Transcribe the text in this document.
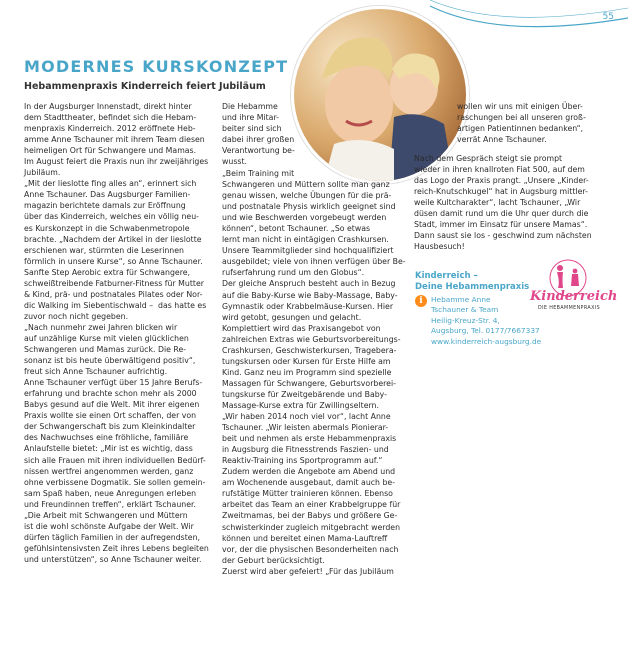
55
MODERNES KURSKONZEPT
Hebammenpraxis Kinderreich feiert Jubiläum
In der Augsburger Innenstadt, direkt hinter
dem Stadttheater, befindet sich die Hebam-
menpraxis Kinderreich. 2012 eröffnete Heb-
amme Anne Tschauner mit ihrem Team diesen
heimeligen Ort für Schwangere und Mamas.
Im August feiert die Praxis nun ihr zweijähriges
Jubiläum.
„Mit der lieslotte fing alles an“, erinnert sich
Anne Tschauner. Das Augsburger Familien-
magazin berichtete damals zur Eröffnung
über das Kinderreich, welches ein völlig neu-
es Kurskonzept in die Schwabenmetropole
brachte. „Nachdem der Artikel in der lieslotte
erschienen war, stürmten die Leserinnen
förmlich in unsere Kurse“, so Anne Tschauner.
Sanfte Step Aerobic extra für Schwangere,
schweißtreibende Fatburner-Fitness für Mutter
& Kind, prä- und postnatales Pilates oder Nor-
dic Walking im Siebentischwald –  das hatte es
zuvor noch nicht gegeben.
„Nach nunmehr zwei Jahren blicken wir
auf unzählige Kurse mit vielen glücklichen
Schwangeren und Mamas zurück. Die Re-
sonanz ist bis heute überwältigend positiv“,
freut sich Anne Tschauner aufrichtig.
Anne Tschauner verfügt über 15 Jahre Berufs-
erfahrung und brachte schon mehr als 2000
Babys gesund auf die Welt. Mit ihrer eigenen
Praxis wollte sie einen Ort schaffen, der von
der Schwangerschaft bis zum Kleinkindalter
des Nachwuchses eine fröhliche, familiäre
Anlaufstelle bietet: „Mir ist es wichtig, dass
sich alle Frauen mit ihren individuellen Bedürf-
nissen wertfrei angenommen werden, ganz
ohne verbissene Dogmatik. Sie sollen gemein-
sam Spaß haben, neue Anregungen erleben
und Freundinnen treffen“, erklärt Tschauner.
„Die Arbeit mit Schwangeren und Müttern
ist die wohl schönste Aufgabe der Welt. Wir
dürfen täglich Familien in der aufregendsten,
gefühlsintensivsten Zeit ihres Lebens begleiten
und unterstützen“, so Anne Tschauner weiter.
Die Hebamme
und ihre Mitar-
beiter sind sich
dabei ihrer großen
Verantwortung be-
wusst.
„Beim Training mit
Schwangeren und Müttern sollte man ganz
genau wissen, welche Übungen für die prä-
und postnatale Physis wirklich geeignet sind
und wie Beschwerden vorgebeugt werden
können“, betont Tschauner. „So etwas
lernt man nicht in eintägigen Crashkursen.
Unsere Teammitglieder sind hochqualifiziert
ausgebildet; viele von ihnen verfügen über Be-
rufserfahrung rund um den Globus“.
Der gleiche Anspruch besteht auch in Bezug
auf die Baby-Kurse wie Baby-Massage, Baby-
Gymnastik oder Krabbelmäuse-Kursen. Hier
wird getobt, gesungen und gelacht.
Komplettiert wird das Praxisangebot von
zahlreichen Extras wie Geburtsvorbereitungs-
Crashkursen, Geschwisterkursen, Tragebera-
tungskursen oder Kursen für Erste Hilfe am
Kind. Ganz neu im Programm sind spezielle
Massagen für Schwangere, Geburtsvorberei-
tungskurse für Zweitgebärende und Baby-
Massage-Kurse extra für Zwillingseltern.
„Wir haben 2014 noch viel vor“, lacht Anne
Tschauner. „Wir leisten abermals Pionierar-
beit und nehmen als erste Hebammenpraxis
in Augsburg die Fitnesstrends Faszien- und
Reaktiv-Training ins Sportprogramm auf.“
Zudem werden die Angebote am Abend und
am Wochenende ausgebaut, damit auch be-
rufstätige Mütter trainieren können. Ebenso
arbeitet das Team an einer Krabbelgruppe für
Zweitmamas, bei der Babys und größere Ge-
schwisterkinder zugleich mitgebracht werden
können und bereitet einen Mama-Lauftreff
vor, der die physischen Besonderheiten nach
der Geburt berücksichtigt.
Zuerst wird aber gefeiert! „Für das Jubiläum
wollen wir uns mit einigen Über-
raschungen bei all unseren groß-
artigen Patientinnen bedanken“,
verrät Anne Tschauner.
Nach dem Gespräch steigt sie prompt
wieder in ihren knallroten Fiat 500, auf dem
das Logo der Praxis prangt. „Unsere „Kinder-
reich-Knutschkugel“ hat in Augsburg mittler-
weile Kultcharakter“, lacht Tschauner, „Wir
düsen damit rund um die Uhr quer durch die
Stadt, immer im Einsatz für unsere Mamas“.
Dann saust sie los - geschwind zum nächsten
Hausbesuch!
Kinderreich –
Deine Hebammenpraxis
i	Hebamme Anne
Tschauner & Team
Heilig-Kreuz-Str. 4,
Augsburg, Tel. 0177/7667337
www.kinderreich-augsburg.de
Kinderreich
DIE HEBAMMENPRAXIS
